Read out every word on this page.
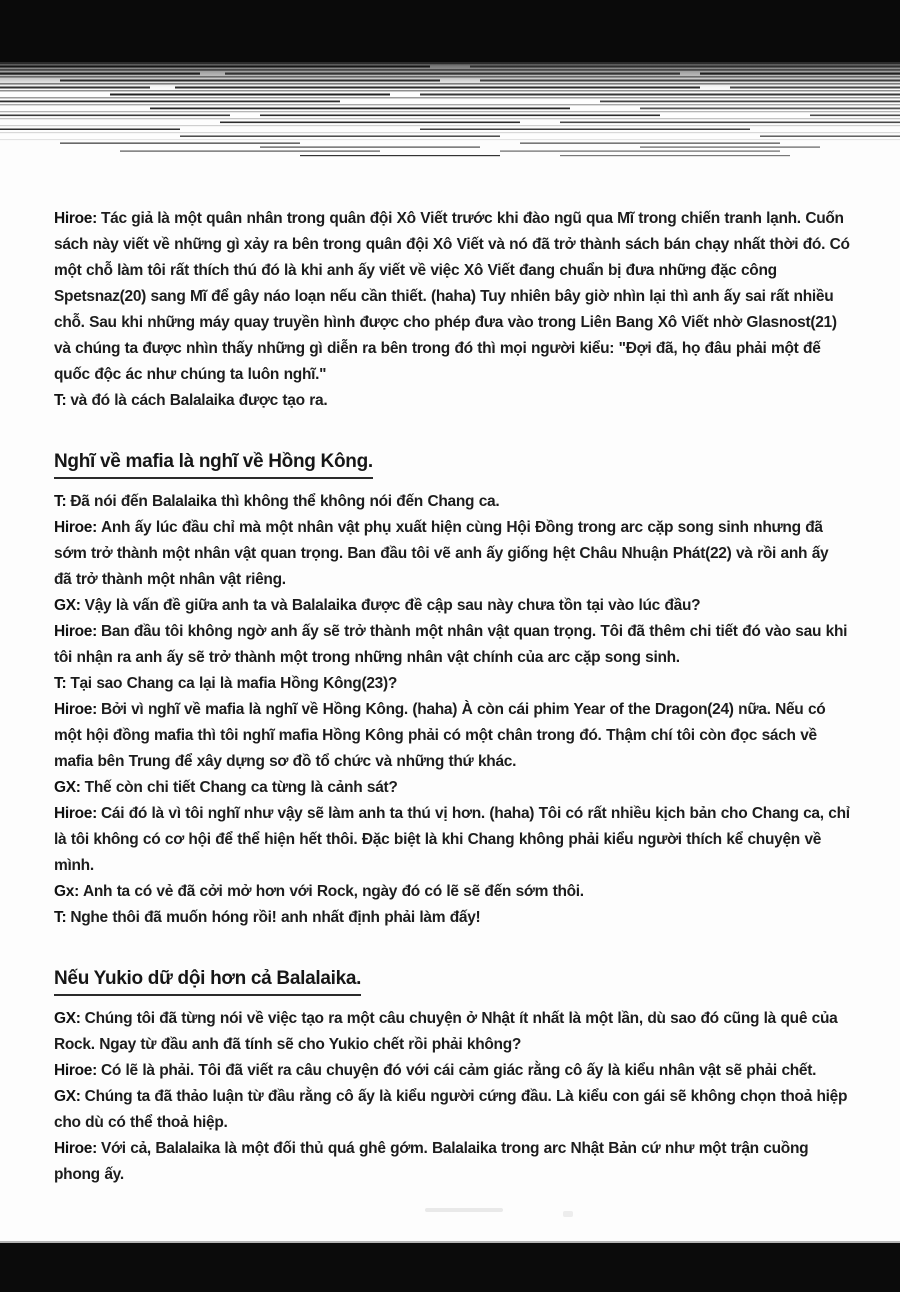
Hiroe: Tác giả là một quân nhân trong quân đội Xô Viết trước khi đào ngũ qua Mĩ trong chiến tranh lạnh. Cuốn sách này viết về những gì xảy ra bên trong quân đội Xô Viết và nó đã trở thành sách bán chạy nhất thời đó. Có một chỗ làm tôi rất thích thú đó là khi anh ấy viết về việc Xô Viết đang chuẩn bị đưa những đặc công Spetsnaz(20) sang Mĩ để gây náo loạn nếu cần thiết. (haha) Tuy nhiên bây giờ nhìn lại thì anh ấy sai rất nhiều chỗ. Sau khi những máy quay truyền hình được cho phép đưa vào trong Liên Bang Xô Viết nhờ Glasnost(21) và chúng ta được nhìn thấy những gì diễn ra bên trong đó thì mọi người kiểu: "Đợi đã, họ đâu phải một đế quốc độc ác như chúng ta luôn nghĩ."

T: và đó là cách Balalaika được tạo ra.

Nghĩ về mafia là nghĩ về Hồng Kông.

T: Đã nói đến Balalaika thì không thể không nói đến Chang ca.

Hiroe: Anh ấy lúc đầu chỉ mà một nhân vật phụ xuất hiện cùng Hội Đồng trong arc cặp song sinh nhưng đã sớm trở thành một nhân vật quan trọng. Ban đầu tôi vẽ anh ấy giống hệt Châu Nhuận Phát(22) và rồi anh ấy đã trở thành một nhân vật riêng.

GX: Vậy là vấn đề giữa anh ta và Balalaika được đề cập sau này chưa tồn tại vào lúc đầu?

Hiroe: Ban đầu tôi không ngờ anh ấy sẽ trở thành một nhân vật quan trọng. Tôi đã thêm chi tiết đó vào sau khi tôi nhận ra anh ấy sẽ trở thành một trong những nhân vật chính của arc cặp song sinh.

T: Tại sao Chang ca lại là mafia Hồng Kông(23)?

Hiroe: Bởi vì nghĩ về mafia là nghĩ về Hồng Kông. (haha) À còn cái phim Year of the Dragon(24) nữa. Nếu có một hội đồng mafia thì tôi nghĩ mafia Hồng Kông phải có một chân trong đó. Thậm chí tôi còn đọc sách về mafia bên Trung để xây dựng sơ đồ tổ chức và những thứ khác.

GX: Thế còn chi tiết Chang ca từng là cảnh sát?

Hiroe: Cái đó là vì tôi nghĩ như vậy sẽ làm anh ta thú vị hơn. (haha) Tôi có rất nhiều kịch bản cho Chang ca, chỉ là tôi không có cơ hội để thể hiện hết thôi. Đặc biệt là khi Chang không phải kiểu người thích kể chuyện về mình.

Gx: Anh ta có vẻ đã cởi mở hơn với Rock, ngày đó có lẽ sẽ đến sớm thôi.

T: Nghe thôi đã muốn hóng rồi! anh nhất định phải làm đấy!

Nếu Yukio dữ dội hơn cả Balalaika.

GX: Chúng tôi đã từng nói về việc tạo ra một câu chuyện ở Nhật ít nhất là một lần, dù sao đó cũng là quê của Rock. Ngay từ đầu anh đã tính sẽ cho Yukio chết rồi phải không?

Hiroe: Có lẽ là phải. Tôi đã viết ra câu chuyện đó với cái cảm giác rằng cô ấy là kiểu nhân vật sẽ phải chết.

GX: Chúng ta đã thảo luận từ đầu rằng cô ấy là kiểu người cứng đầu. Là kiểu con gái sẽ không chọn thoả hiệp cho dù có thể thoả hiệp.

Hiroe: Với cả, Balalaika là một đối thủ quá ghê gớm. Balalaika trong arc Nhật Bản cứ như một trận cuồng phong ấy.
